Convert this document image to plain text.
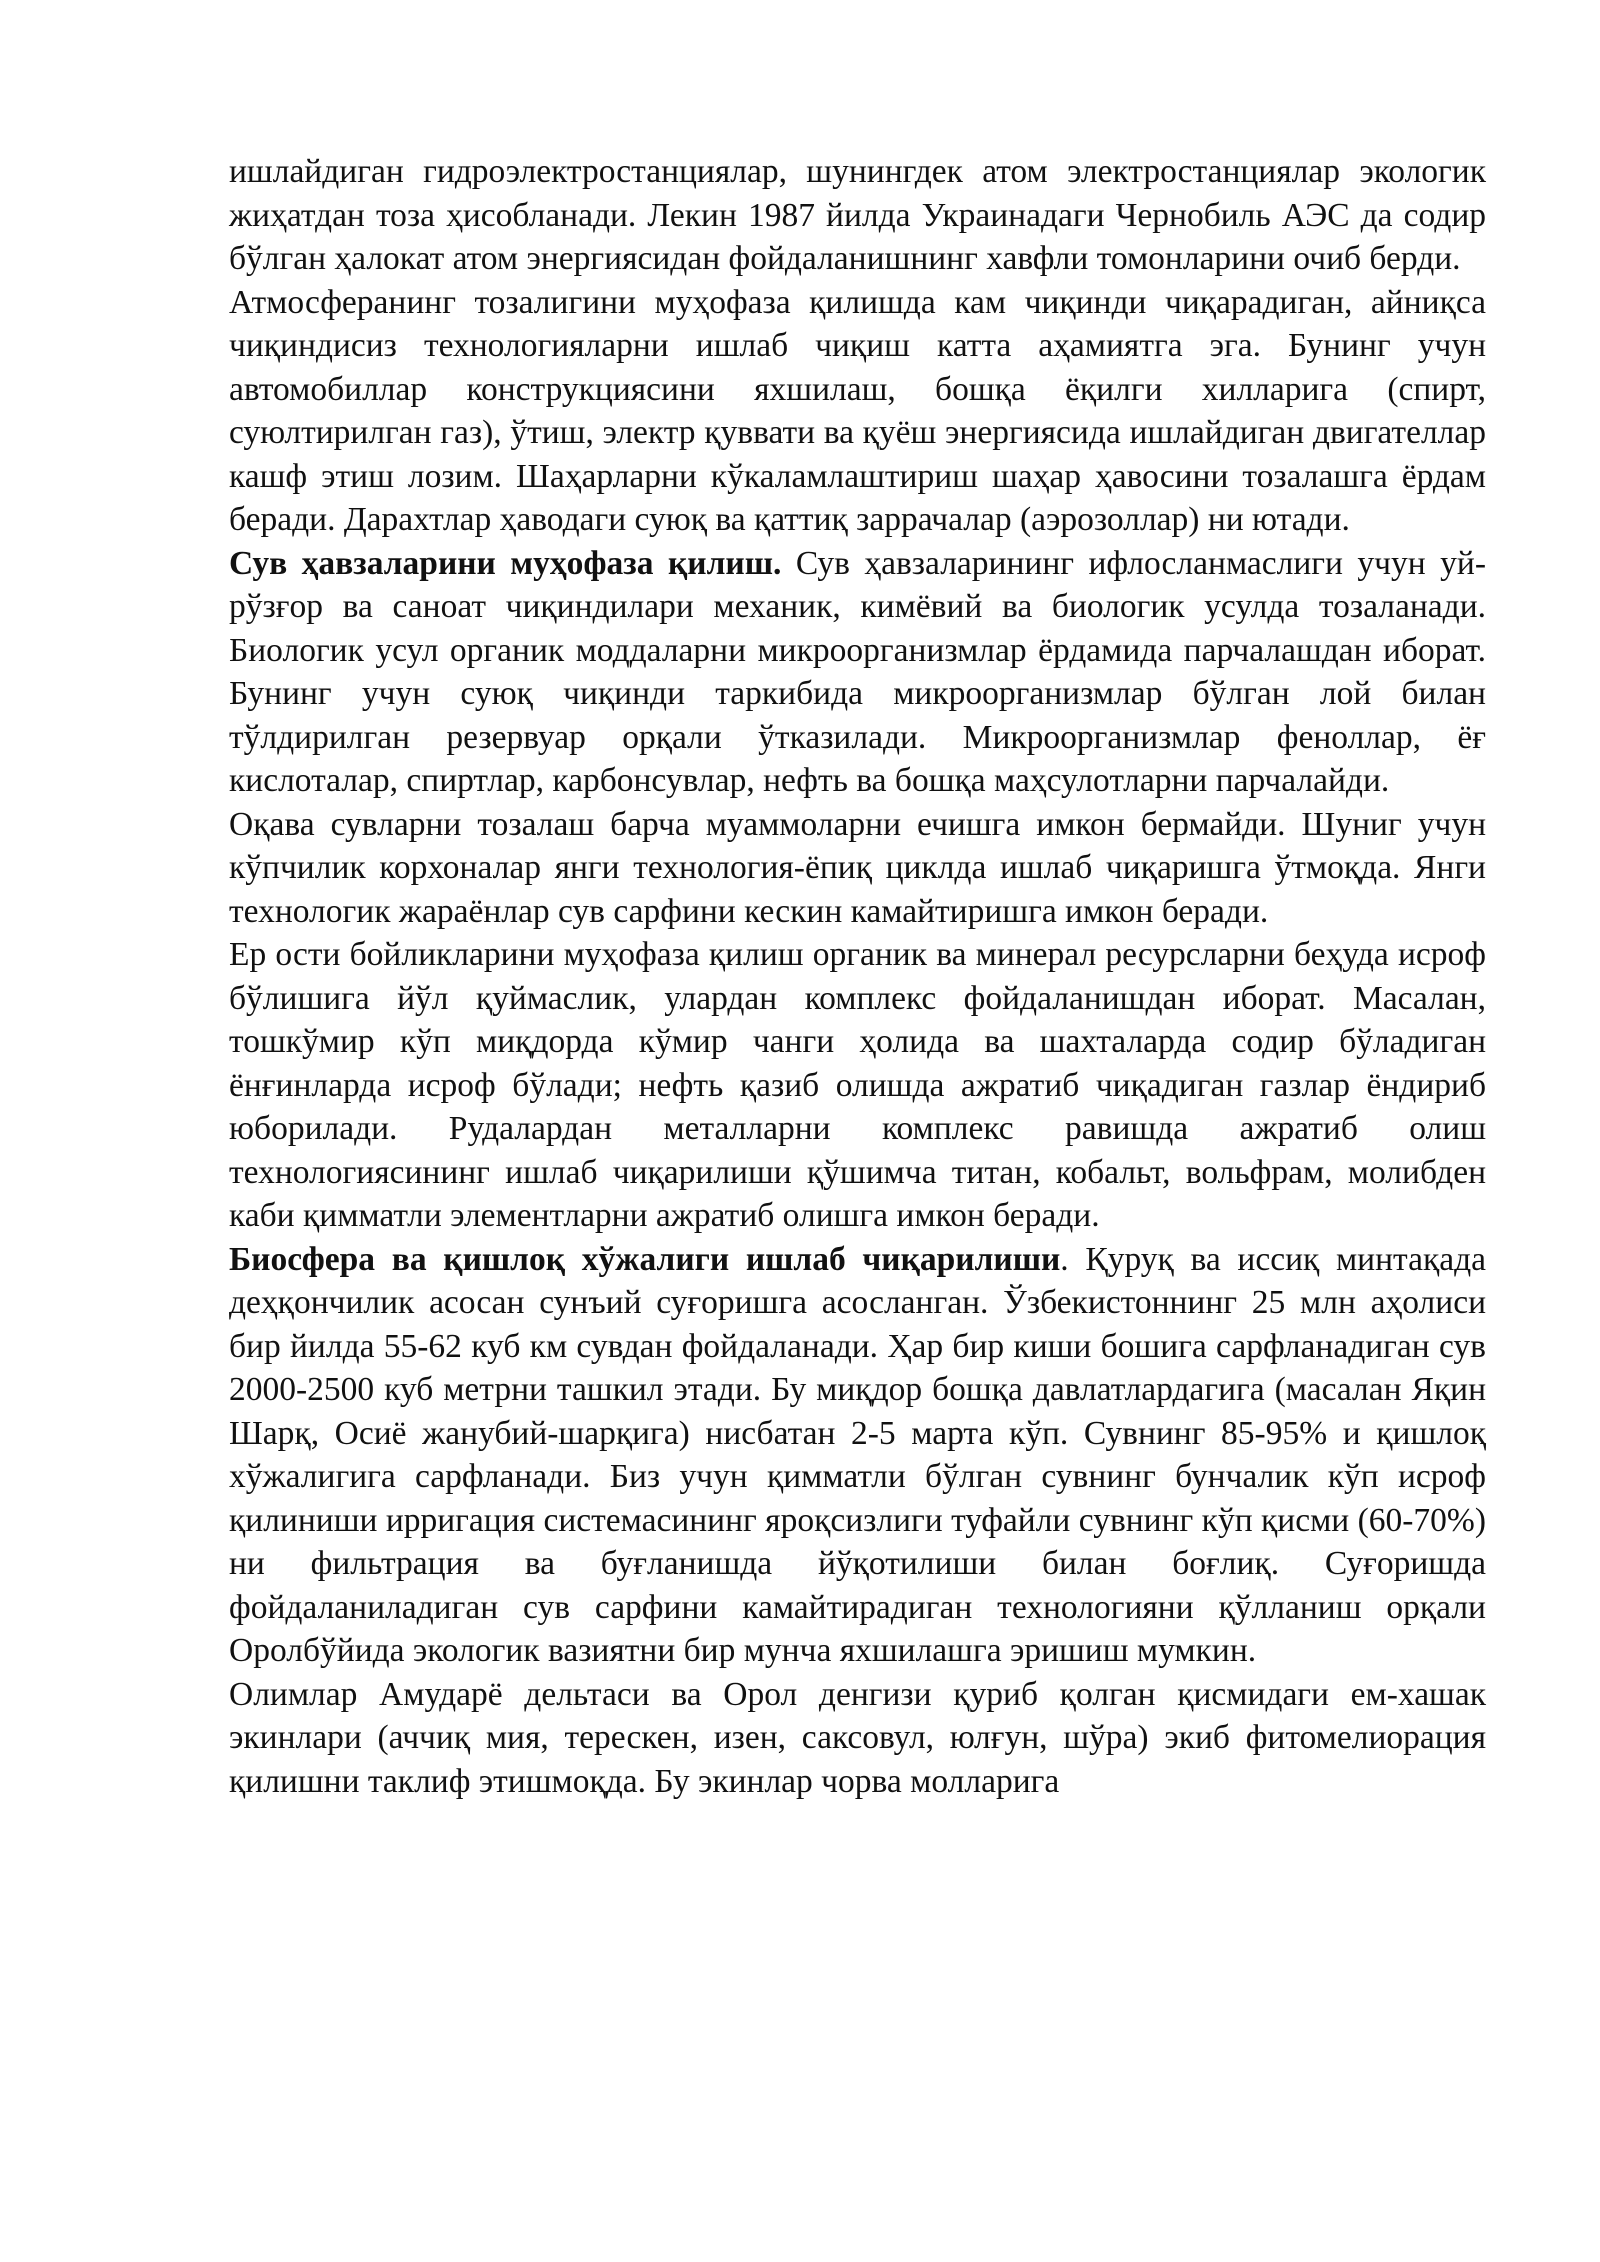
ишлайдиган гидроэлектростанциялар, шунингдек атом электростанциялар экологик жиҳатдан тоза ҳисобланади. Лекин 1987 йилда Украинадаги Чернобиль АЭС да содир бўлган ҳалокат атом энергиясидан фойдаланишнинг хавфли томонларини очиб берди.

Атмосфеpанинг тозалигини муҳофаза қилишда кам чиқинди чиқарадиган, айниқса чиқиндисиз технологияларни ишлаб чиқиш катта аҳамиятга эга. Бунинг учун автомобиллар конструкциясини яхшилаш, бошқа ёқилги хилларига (спирт, суюлтирилган газ), ўтиш, электр қуввати ва қуёш энергиясида ишлайдиган двигателлар кашф этиш лозим. Шаҳарларни кўкаламлаштириш шаҳар ҳавосини тозалашга ёрдам беради. Дарахтлар ҳаводаги суюқ ва қаттиқ заррачалар (аэрозоллар) ни ютади.

Сув ҳавзаларини муҳофаза қилиш. Сув ҳавзаларининг ифлосланмаслиги учун уй-рўзғор ва саноат чиқиндилари механик, кимёвий ва биологик усулда тозаланади. Биологик усул органик моддаларни микроорганизмлар ёрдамида парчалашдан иборат. Бунинг учун суюқ чиқинди таркибида микроорганизмлар бўлган лой билан тўлдирилган резервуар орқали ўтказилади. Микроорганизмлар феноллар, ёғ кислоталар, спиртлар, карбонсувлар, нефть ва бошқа маҳсулотларни парчалайди.

Оқава сувларни тозалаш барча муаммоларни ечишга имкон бермайди. Шуниг учун кўпчилик корхоналар янги технология-ёпиқ циклда ишлаб чиқаришга ўтмоқда. Янги технологик жараёнлар сув сарфини кескин камайтиришга имкон беради.

Ер ости бойликларини муҳофаза қилиш органик ва минерал ресурсларни беҳуда исроф бўлишига йўл қуймаслик, улардан комплекс фойдаланишдан иборат. Масалан, тошкўмир кўп миқдорда кўмир чанги ҳолида ва шахталарда содир бўладиган ёнғинларда исроф бўлади; нефть қазиб олишда ажратиб чиқадиган газлар ёндириб юборилади. Рудалардан металларни комплекс равишда ажратиб олиш технологиясининг ишлаб чиқарилиши қўшимча титан, кобальт, вольфрам, молибден каби қимматли элементларни ажратиб олишга имкон беради.

Биосфера ва қишлоқ хўжалиги ишлаб чиқарилиши. Қуруқ ва иссиқ минтақада деҳқончилик асосан сунъий суғоришга асосланган. Ўзбекистоннинг 25 млн аҳолиси бир йилда 55-62 куб км сувдан фойдаланади. Ҳар бир киши бошига сарфланадиган сув 2000-2500 куб метрни ташкил этади. Бу миқдор бошқа давлатлардагига (масалан Яқин Шарқ, Осиё жанубий-шарқига) нисбатан 2-5 марта кўп. Сувнинг 85-95% и қишлоқ хўжалигига сарфланади. Биз учун қимматли бўлган сувнинг бунчалик кўп исроф қилиниши ирригация системасининг яроқсизлиги туфайли сувнинг кўп қисми (60-70%) ни фильтрация ва буғланишда йўқотилиши билан боғлиқ. Суғоришда фойдаланиладиган сув сарфини камайтирадиган технологияни қўлланиш орқали Оролбўйида экологик вазиятни бир мунча яхшилашга эришиш мумкин.

Олимлар Амударё дельтаси ва Орол денгизи қуриб қолган қисмидаги ем-хашак экинлари (аччиқ мия, терескен, изен, саксовул, юлғун, шўра) экиб фитомелиорация қилишни таклиф этишмоқда. Бу экинлар чорва молларига
